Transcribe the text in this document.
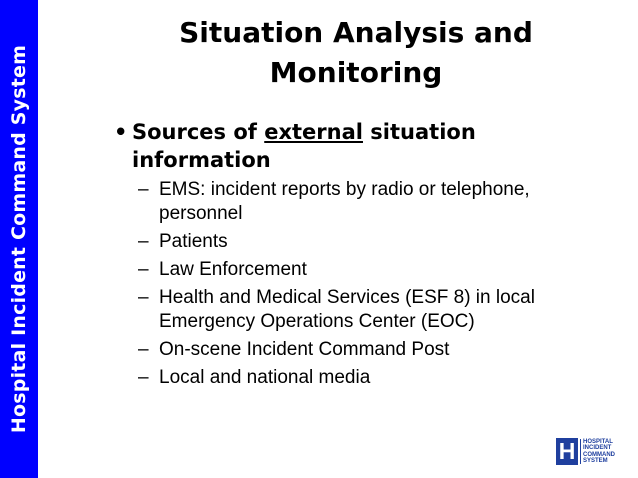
Hospital Incident Command System
Situation Analysis and
Monitoring
• Sources of external situation information
– EMS: incident reports by radio or telephone, personnel
– Patients
– Law Enforcement
– Health and Medical Services (ESF 8) in local Emergency Operations Center (EOC)
– On-scene Incident Command Post
– Local and national media
H	HOSPITAL
INCIDENT
COMMAND
SYSTEM
